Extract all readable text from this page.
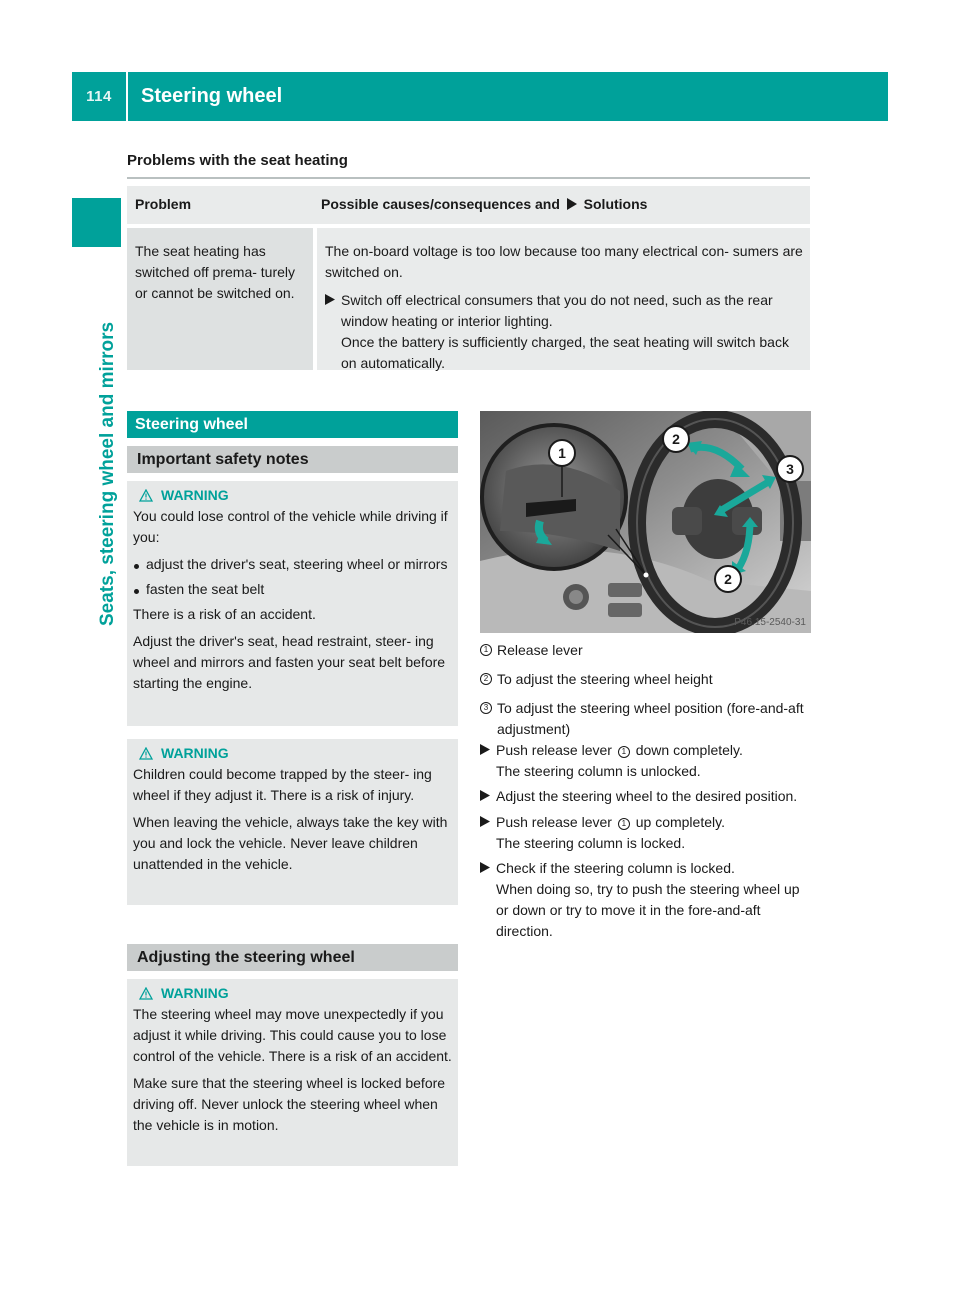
114	Steering wheel
Seats, steering wheel and mirrors
Problems with the seat heating
Problem	Possible causes/consequences and Solutions
The seat heating has switched off prema- turely or cannot be switched on.
The on-board voltage is too low because too many electrical con- sumers are switched on.
Switch off electrical consumers that you do not need, such as the rear window heating or interior lighting.
Once the battery is sufficiently charged, the seat heating will switch back on automatically.
Steering wheel
Important safety notes
WARNING

You could lose control of the vehicle while driving if you:

adjust the driver's seat, steering wheel or mirrors
fasten the seat belt

There is a risk of an accident.

Adjust the driver's seat, head restraint, steer- ing wheel and mirrors and fasten your seat belt before starting the engine.

WARNING

Children could become trapped by the steer- ing wheel if they adjust it. There is a risk of injury.

When leaving the vehicle, always take the key with you and lock the vehicle. Never leave children unattended in the vehicle.

Adjusting the steering wheel
WARNING

The steering wheel may move unexpectedly if you adjust it while driving. This could cause you to lose control of the vehicle. There is a risk of an accident.

Make sure that the steering wheel is locked before driving off. Never unlock the steering wheel when the vehicle is in motion.

1
2
3
2
P46.15-2540-31
1 Release lever
2 To adjust the steering wheel height
3 To adjust the steering wheel position (fore-and-aft adjustment)
Push release lever 1 down completely.
The steering column is unlocked.
Adjust the steering wheel to the desired position.
Push release lever 1 up completely.
The steering column is locked.
Check if the steering column is locked.
When doing so, try to push the steering wheel up or down or try to move it in the fore-and-aft direction.
